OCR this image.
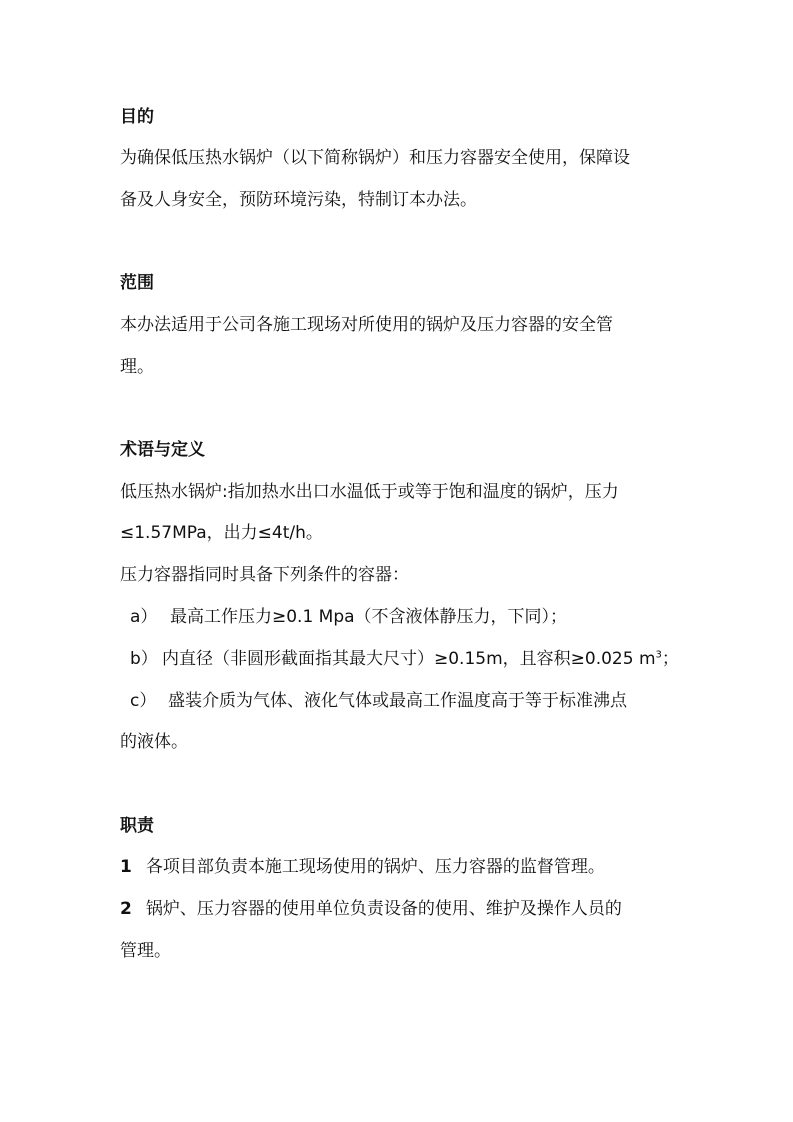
目的
为确保低压热水锅炉（以下简称锅炉）和压力容器安全使用，保障设
备及人身安全，预防环境污染，特制订本办法。
范围
本办法适用于公司各施工现场对所使用的锅炉及压力容器的安全管
理。
术语与定义
低压热水锅炉:指加热水出口水温低于或等于饱和温度的锅炉，压力
≤1.57MPa，出力≤4t/h。
压力容器指同时具备下列条件的容器：
a） 最高工作压力≥0.1 Mpa（不含液体静压力，下同）；
b） 内直径（非圆形截面指其最大尺寸）≥0.15m，且容积≥0.025 $m^3$；
c） 盛装介质为气体、液化气体或最高工作温度高于等于标准沸点
的液体。
职责
1 各项目部负责本施工现场使用的锅炉、压力容器的监督管理。
2 锅炉、压力容器的使用单位负责设备的使用、维护及操作人员的
管理。
